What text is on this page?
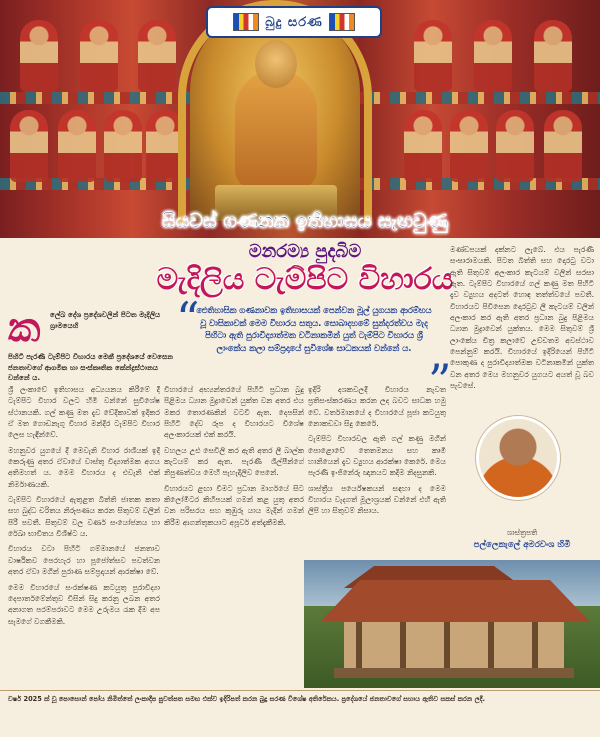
බුදු සරණ
සියවස් ගණනක ඉතිහාසය සැඟවුණු
මනරම්‍ය පුදබිම
මැදිලිය ටැම්පිට විහාරය
ක ලේඛ දේශ ප්‍රදේශවලින් පිටත මැදිලිය ග්‍රාමයෙහි
පිහිටි පැරණි ටැම්පිට විහාරය මෙකී ප්‍රදේශයේ වෙසෙන ජනතාවගේ ආගමික හා සංස්කෘතික කේන්ද්‍රස්ථානය වන්නේ ය.
“
ඓතිහාසික ගණනාවක ඉතිහාසයක් පෙන්වන මූල් යුගයක ආරම්භය වූ වාසිකාවක් මෙම විහාරය සතුය. සොබාදහමේ සුන්දරත්වය මැද පිහිටා ඇති පුරාවිද්‍යාත්මක වටිනාකමින් යුත් ටැම්පිට විහාරය ශ්‍රී ලාංකේය කලා සම්ප්‍රදායේ සුවිශේෂ සාධකයක් වන්නේ ය.
”
මණ්ඩපයක් දක්නට ලැබේ. එය පැරණි සංඝාරාමයකි. පිටත බිත්ති සහ දොරටු වටා ඇති සිතුවම් අලංකාර කැටයම් වලින් සරසා ඇත. ටැම්පිට විහාරයේ ගල් කණු මත පිහිටි දැව ව්‍යුහය අදටත් හොඳ තත්ත්වයේ පවතී. විහාරයට පිවිසෙන දොරටුව ලී කැටයම් වලින් අලංකාර කර ඇති අතර ප්‍රධාන බුදු පිළිමය ධ්‍යාන මුද්‍රාවෙන් යුක්තය. මෙම සිතුවම් ශ්‍රී ලාංකේය චිත්‍ර කලාවේ උච්චතම අවස්ථාව පෙන්නුම් කරයි. විහාරයේ ඉදිරියෙන් පිහිටි පොකුණ ද පුරාවිද්‍යාත්මක වටිනාකමින් යුක්ත වන අතර මෙය මහනුවර යුගයට අයත් වූ බව පැවසේ.

ශ්‍රී ලංකාවේ ඉතිහාසය අධ්‍යයනය කිරීමේ දී ටැම්පිට විහාර වලට හිමි වන්නේ සුවිශේෂ ස්ථානයකි. ගල් කණු මත දැව වේදිකාවක් ඉදිකර ඒ මත ගොඩනැගූ විහාර මන්දිර ටැම්පිට විහාර ලෙස හැඳින්වේ.

මහනුවර යුගයේ දී මෙවැනි විහාර රාශියක් ඉදි කෙරුණු අතර ඒවායේ වාස්තු විද්‍යාත්මක අගය අතිමහත් ය. මෙම විහාරය ද එවැනි එක් නිර්මාණයකි.

ටැම්පිට විහාරයේ ඇතුළත බිත්ති ජාතක කතා සහ බුද්ධ චරිතය නිරූපණය කරන සිතුවම් වලින් පිරී පවතී. සිතුවම් වල වර්ණ සංයෝජනය හා රේඛා භාවිතය විශිෂ්ට ය.

විහාරය වටා පිහිටි ගම්මානයේ ජනතාව වාර්ෂිකව පෙරහැර හා පූජෝත්සව පවත්වන අතර ඒවා මගින් පුරාණ සම්ප්‍රදායන් ආරක්ෂා වේ.

මෙම විහාරයේ සංරක්ෂණ කටයුතු පුරාවිද්‍යා දෙපාර්තමේන්තුව විසින් සිදු කරනු ලබන අතර අනාගත පරම්පරාවට මෙම උරුමය රැක දීම අප සැමගේ වගකීමකි.

විහාරයේ අභ්‍යන්තරයේ පිහිටි ප්‍රධාන බුදු පිළිමය ධ්‍යාන මුද්‍රාවෙන් යුක්ත වන අතර එය මකර තොරණකින් වටවී ඇත. දෙපසින් පිහිටි දේව රූප ද විහාරයට විශේෂ අලංකාරයක් එක් කරයි.

වහලය උළු සෙවිලි කර ඇති අතර ලී බාල්ක කැටයම් කර ඇත. පැරණි ශිල්පීන්ගේ නිපුණත්වය මෙහි පැහැදිලිව පෙනේ.

විහාරයට ළඟා වීමට ප්‍රධාන මාර්ගයේ සිට කිලෝමීටර කිහිපයක් ගමන් කළ යුතු අතර වන පරිසරය සහ කුඹුරු යාය මැදින් ගමන් කිරීම ආගන්තුකයාට අපූර්ව අත්දැකීමකි.

ඉදිරි දශකවලදී විහාරය නැවත ප්‍රතිසංස්කරණය කරන ලද බවට සාධක හමු වේ. වර්තමානයේ ද විහාරයේ පූජා කටයුතු නොකඩවා සිදු කෙරේ.

ටැම්පිට විහාරවල ඇති ගල් කණු මගින් පොළොවේ තෙතමනය සහ කෘමි හානියෙන් දැව ව්‍යුහය ආරක්ෂා කෙරේ. මෙය පැරණි ඉංජිනේරු ඥානයට කදිම නිදසුනකි.

ශාස්ත්‍රීය පර්යේෂකයන් සඳහා ද මෙම විහාරය වැදගත් මූලාශ්‍රයක් වන්නේ එහි ඇති ලිපි හා සිතුවම් නිසාය.

ශාස්ත්‍රපති
පල්ලෙකැලේ අමරවංශ හිමි
වර්ෂ 2025 ක් වූ පොසොන් පෝය නිමිත්තේ ලංකාදීප පුවත්පත සමඟ එක්ව ඉදිරිපත් කරන බුදු සරණ විශේෂ අතිරේකය. ප්‍රදේශයේ ජනතාවගේ සහාය ඇතිව සකස් කරන ලදී.
